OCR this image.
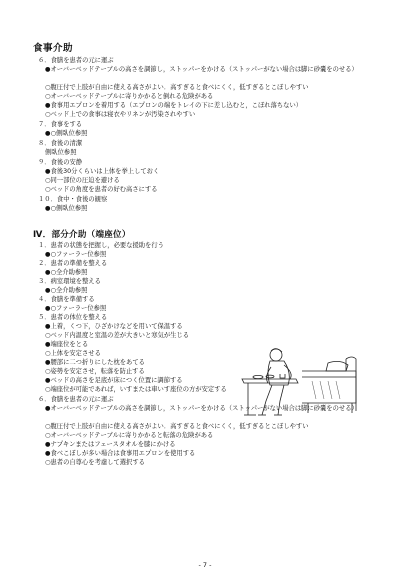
食事介助
６．食膳を患者の元に運ぶ
●オーバーベッドテーブルの高さを調節し，ストッパーをかける（ストッパーがない場合は脚に砂嚢をのせる）
○腹圧付で上肢が自由に使える高さがよい．高すぎると食べにくく，低すぎるとこぼしやすい
○オーバーベッドテーブルに寄りかかると倒れる危険がある
●食事用エプロンを着用する（エプロンの端をトレイの下に差し込むと，こぼれ落ちない）
○ベッド上での食事は寝衣やリネンが汚染されやすい
７．食事をする
●○側臥位参照
８．食後の清潔
側臥位参照
９．食後の安静
●食後30分くらいは上体を挙上しておく
○同一部位の圧迫を避ける
○ベッドの角度を患者の好む高さにする
１０．食中・食後の観察
●○側臥位参照
Ⅳ．部分介助（端座位）
１．患者の状態を把握し，必要な援助を行う
●○ファーラー位参照
２．患者の準備を整える
●○全介助参照
３．病室環境を整える
●○全介助参照
４．食膳を準備する
●○ファーラー位参照
５．患者の体位を整える
●上着，くつ下，ひざかけなどを用いて保温する
○ベッド内温度と室温の差が大きいと寒気が生じる
●端座位をとる
○上体を安定させる
●腰部に二つ折りにした枕をあてる
○姿勢を安定させ，転落を防止する
●ベッドの高さを足底が床につく位置に調節する
○端座位が可能であれば，いすまたは車いす座位の方が安定する
６．食膳を患者の元に運ぶ
●オーバーベッドテーブルの高さを調節し，ストッパーをかける（ストッパーがない場合は脚に砂嚢をのせる）
○腹圧付で上肢が自由に使える高さがよい．高すぎると食べにくく，低すぎるとこぼしやすい
○オーバーベッドテーブルに寄りかかると転落の危険がある
●ナプキンまたはフェースタオルを膝にかける
●食べこぼしが多い場合は食事用エプロンを使用する
○患者の自尊心を考慮して選択する
- 7 -
